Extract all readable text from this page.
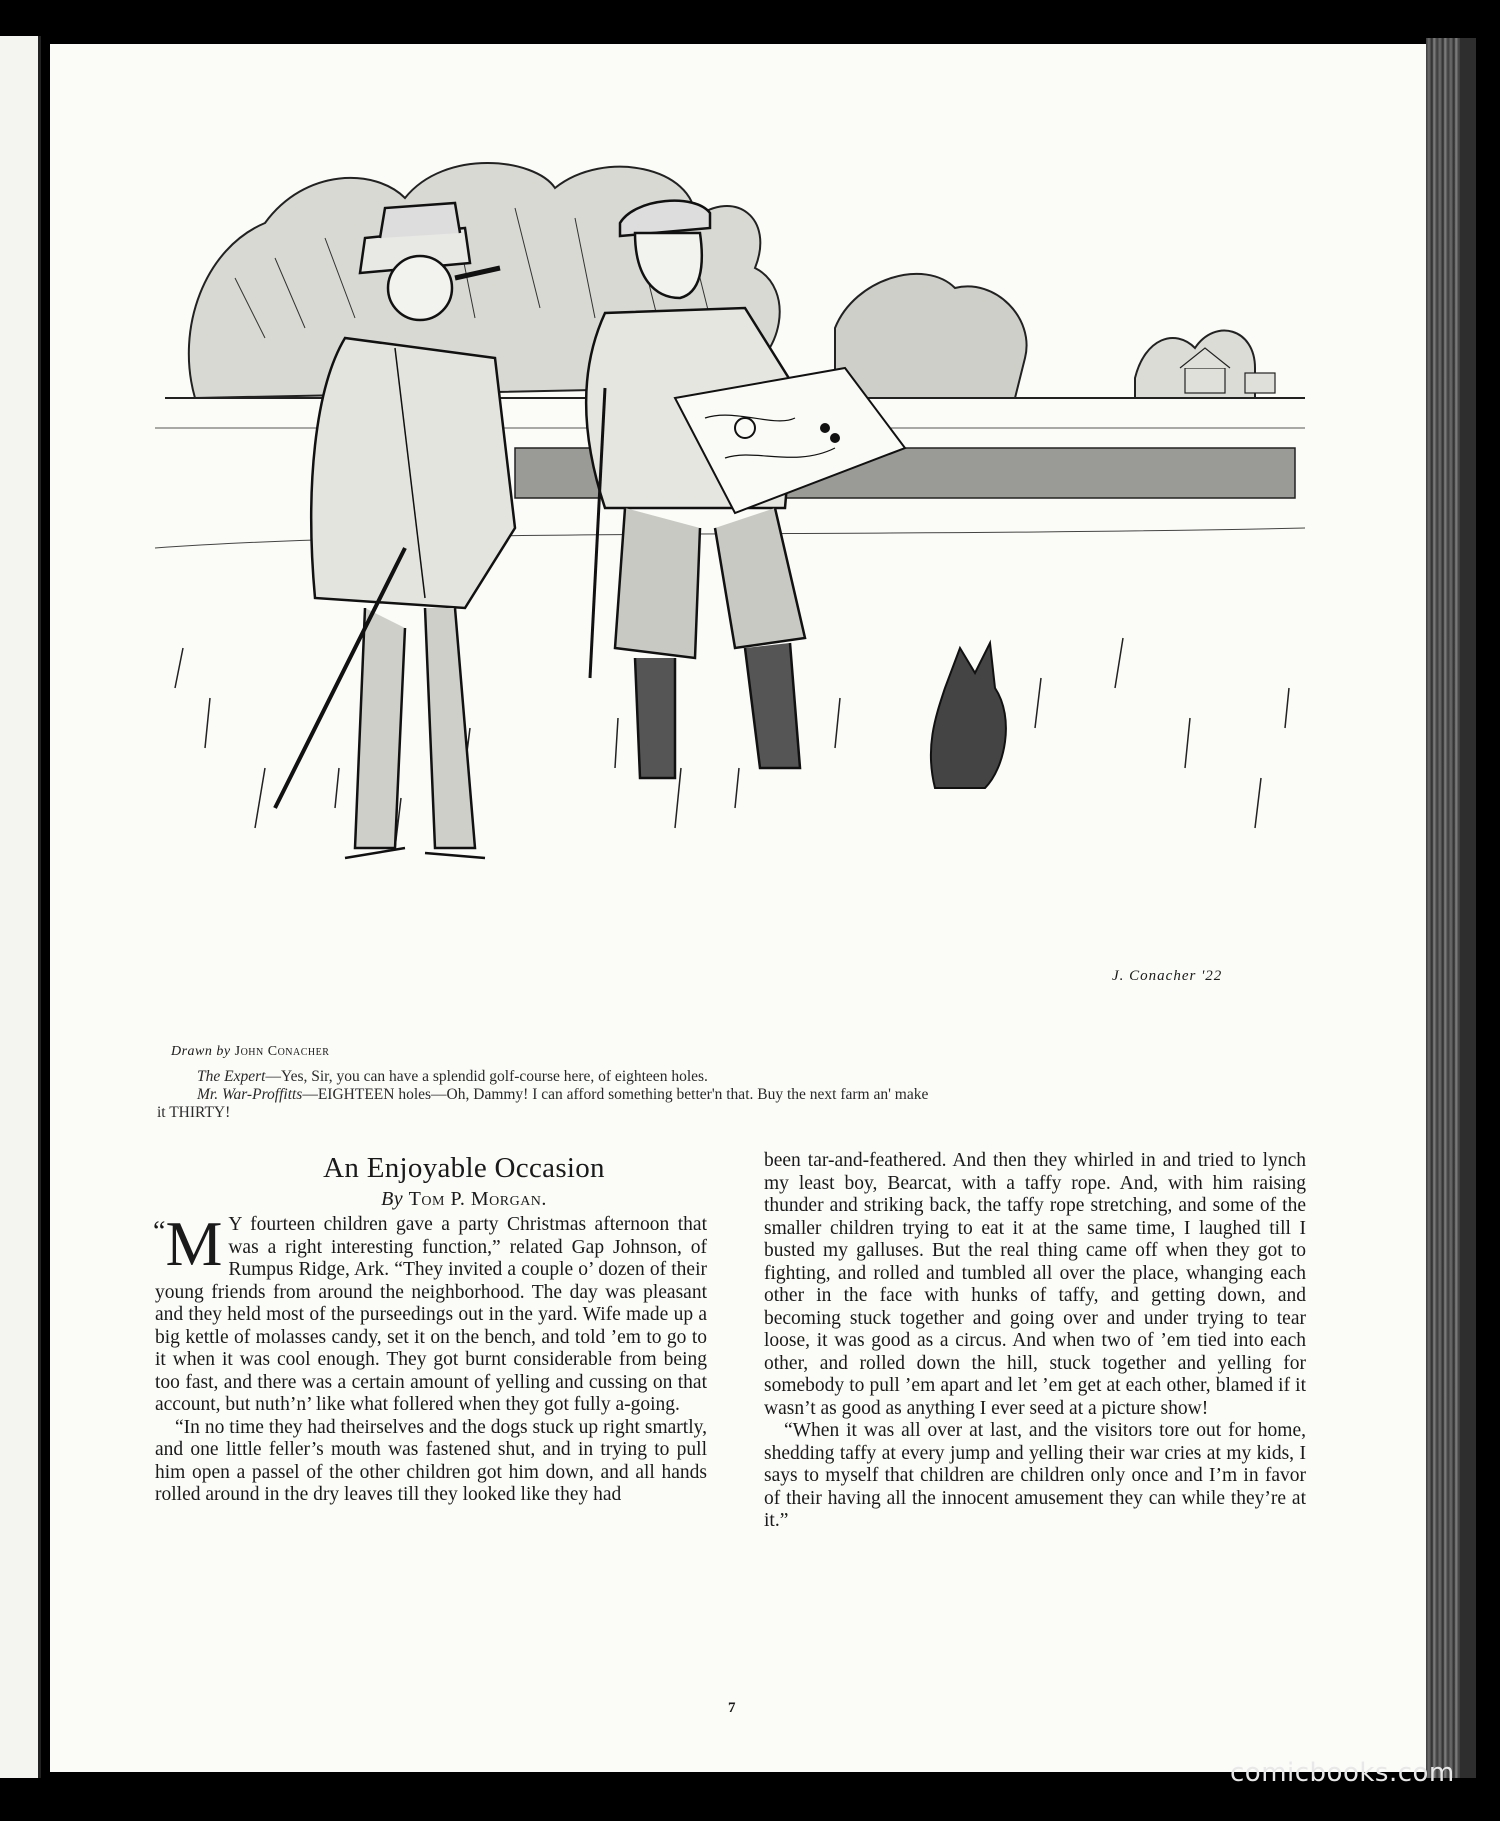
J. Conacher '22
Drawn by John Conacher
The Expert—Yes, Sir, you can have a splendid golf-course here, of eighteen holes.
Mr. War-Proffitts—EIGHTEEN holes—Oh, Dammy! I can afford something better'n that. Buy the next farm an' make
it THIRTY!
An Enjoyable Occasion
By Tom P. Morgan.
“M Y fourteen children gave a party Christmas afternoon that was a right interesting function,” related Gap Johnson, of Rumpus Ridge, Ark. “They invited a couple o’ dozen of their young friends from around the neighborhood. The day was pleasant and they held most of the purseedings out in the yard. Wife made up a big kettle of molasses candy, set it on the bench, and told ’em to go to it when it was cool enough. They got burnt considerable from being too fast, and there was a certain amount of yelling and cussing on that account, but nuth’n’ like what follered when they got fully a-going.

“In no time they had theirselves and the dogs stuck up right smartly, and one little feller’s mouth was fastened shut, and in trying to pull him open a passel of the other children got him down, and all hands rolled around in the dry leaves till they looked like they had

been tar-and-feathered. And then they whirled in and tried to lynch my least boy, Bearcat, with a taffy rope. And, with him raising thunder and striking back, the taffy rope stretching, and some of the smaller children trying to eat it at the same time, I laughed till I busted my galluses. But the real thing came off when they got to fighting, and rolled and tumbled all over the place, whanging each other in the face with hunks of taffy, and getting down, and becoming stuck together and going over and under trying to tear loose, it was good as a circus. And when two of ’em tied into each other, and rolled down the hill, stuck together and yelling for somebody to pull ’em apart and let ’em get at each other, blamed if it wasn’t as good as anything I ever seed at a picture show!

“When it was all over at last, and the visitors tore out for home, shedding taffy at every jump and yelling their war cries at my kids, I says to myself that children are children only once and I’m in favor of their having all the innocent amusement they can while they’re at it.”

7
comicbooks.com
